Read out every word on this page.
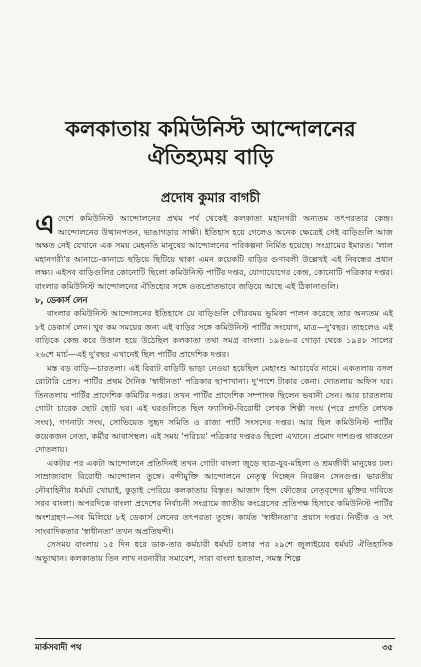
কলকাতায় কমিউনিস্ট আন্দোলনের
ঐতিহ্যময় বাড়ি

প্রদোষ কুমার বাগচী

এদেশে কমিউনিস্ট আন্দোলনের প্রথম পর্ব থেকেই কলকাতা মহানগরী অন্যতম তৎপরতার কেন্দ্র। আন্দোলনের উত্থানপতন, ভাঙাগড়ার সাক্ষী। ইতিহাস হয়ে গেলেও অনেক ক্ষেত্রেই সেই বাড়িগুলি আজ অক্ষত নেই যেখানে এক সময় মেহনতি মানুষের আন্দোলনের পরিকল্পনা নির্মিত হয়েছে। সংগ্রামের ইমারত। 'লাল মহানগরী'র আনাচে-কানাচে ছড়িয়ে ছিটিয়ে থাকা এমন কয়েকটি বাড়ির গুণাবলী উল্লেখই এই নিবন্ধের প্রধান লক্ষ্য। এইসব বাড়িগুলির কোনোটি ছিলো কমিউনিস্ট পার্টির দপ্তর, যোগাযোগের কেন্দ্র, কোনোটি পত্রিকার দপ্তর। বাংলার কমিউনিস্ট আন্দোলনের ঐতিহ্যের সঙ্গে ওতপ্রোতভাবে জড়িয়ে আছে এই ঠিকানাগুলি।

৮, ডেকার্স লেন

বাংলার কমিউনিস্ট আন্দোলনের ইতিহাসে যে বাড়িগুলি গৌরবময় ভূমিকা পালন করেছে তার অন্যতম এই ৮ই ডেকার্স লেন। খুব কম সময়ের জন্য এই বাড়ির সঙ্গে কমিউনিস্ট পার্টির সংযোগ, মাত্র—দু'বছর। তাহলেও এই বাড়িকে কেন্দ্র করে উত্তাল হয়ে উঠেছিল কলকাতা তথা সমগ্র বাংলা। ১৯৪৬-র গোড়া থেকে ১৯৪৮ সালের ২৬শে মার্চ—এই দু'বছর এখানেই ছিল পার্টির প্রাদেশিক দপ্তর।

মস্ত বড় বাড়ি—চারতলা। এই বিরাট বাড়িটি ভাড়া নেওয়া হয়েছিল মেহাংশু আচার্যের নামে। একতলায় বসল রোটারি প্রেস। পার্টির প্রথম দৈনিক 'স্বাধীনতা' পত্রিকার ছাপাখানা। দু'পাশে টাকার কেনা। দোতলায় অফিস ঘর। তিনতলায় পার্টির প্রাদেশিক কমিটির দপ্তর। তখন পার্টির প্রাদেশিক সম্পাদক ছিলেন ভবানী সেন। আর চারতলায় গোটা চারেক ছোট ছোট ঘর। এই ঘরগুলিতে ছিল ফ্যাসিস্ট-বিরোধী লেখক শিল্পী সংঘ (পরে প্রগতি লেখক সংঘ), গণনাট্য সংঘ, সোভিয়েত সুহৃদ সমিতি ও রাজ্য পার্টি সংসদের দপ্তর। আর ছিল কমিউনিস্ট পার্টির কয়েকজন নেতা, কর্মীর আবাসস্থল। এই সময় 'পরিচয়' পত্রিকার দপ্তরও ছিলো এখানে। প্রমোদ দাশগুপ্ত থাকতেন দোতলায়।

একটার পর একটা আন্দোলনে প্রতিদিনই তখন গোটা বাংলা জুড়ে ছাত্র-যুব-মহিলা ও শ্রমজীবী মানুষের ঢল। সাম্রাজ্যবাদ বিরোধী আন্দোলন তুঙ্গে। বন্দীমুক্তি আন্দোলনে নেতৃত্ব দিচ্ছেন নিরঞ্জন সেনগুপ্ত। ভারতীয় নৌবাহিনীর ধর্মঘট খোয়াই, কুড়াই পেরিয়ে কলকাতায় বিস্তৃত। আজাদ হিন্দ ফৌজের নেতৃবৃন্দের মুক্তির দাবিতে সরব বাংলা। অপরদিকে বাংলা প্রদেশের নির্বাচনী সংগ্রামে জাতীয় কংগ্রেসের প্রতিপক্ষ হিসাবে কমিউনিস্ট পার্টির অংশগ্রহণ—সব মিলিয়ে ৮ই ডেকার্স লেনের তৎপরতা তুঙ্গে। কার্যত 'স্বাধীনতা'র প্রয়াস দপ্তর। নির্ভীক ও সৎ সাংবাদিকতার 'স্বাধীনতা' তখন অপ্রতিদ্বন্দী।

সেসময় বাংলায় ১৫ দিন ধরে ডাক-তার কর্মচারী ধর্মঘট চলার পর ২৯শে জুলাইয়ের ধর্মঘট ঐতিহাসিক অভ্যুত্থান। কলকাতায় তিন লাখ নরনারীর সমাবেশ, সারা বাংলা হরতাল, সমস্ত শিল্পে

মার্কসবাদী পথ	৩৫
